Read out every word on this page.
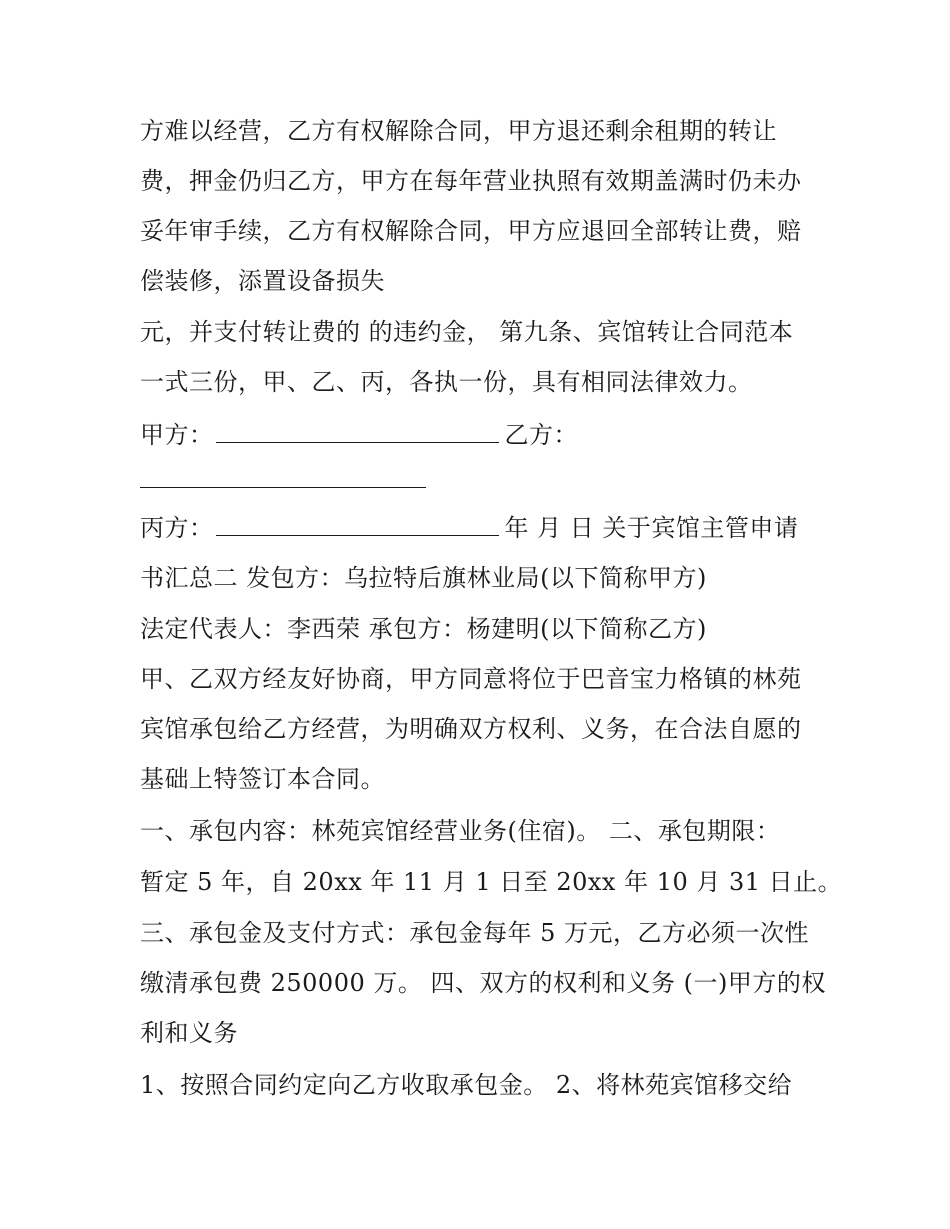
方难以经营，乙方有权解除合同，甲方退还剩余租期的转让
费，押金仍归乙方，甲方在每年营业执照有效期盖满时仍未办
妥年审手续，乙方有权解除合同，甲方应退回全部转让费，赔
偿装修，添置设备损失
元，并支付转让费的 的违约金， 第九条、宾馆转让合同范本
一式三份，甲、乙、丙，各执一份，具有相同法律效力。
甲方：	乙方：
丙方：	年 月 日 关于宾馆主管申请
书汇总二 发包方：乌拉特后旗林业局(以下简称甲方)
法定代表人：李西荣 承包方：杨建明(以下简称乙方)
甲、乙双方经友好协商，甲方同意将位于巴音宝力格镇的林苑
宾馆承包给乙方经营，为明确双方权利、义务，在合法自愿的
基础上特签订本合同。
一、承包内容：林苑宾馆经营业务(住宿)。 二、承包期限：
暂定 5 年，自 20xx 年 11 月 1 日至 20xx 年 10 月 31 日止。
三、承包金及支付方式：承包金每年 5 万元，乙方必须一次性
缴清承包费 250000 万。 四、双方的权利和义务 (一)甲方的权
利和义务
1、按照合同约定向乙方收取承包金。 2、将林苑宾馆移交给
